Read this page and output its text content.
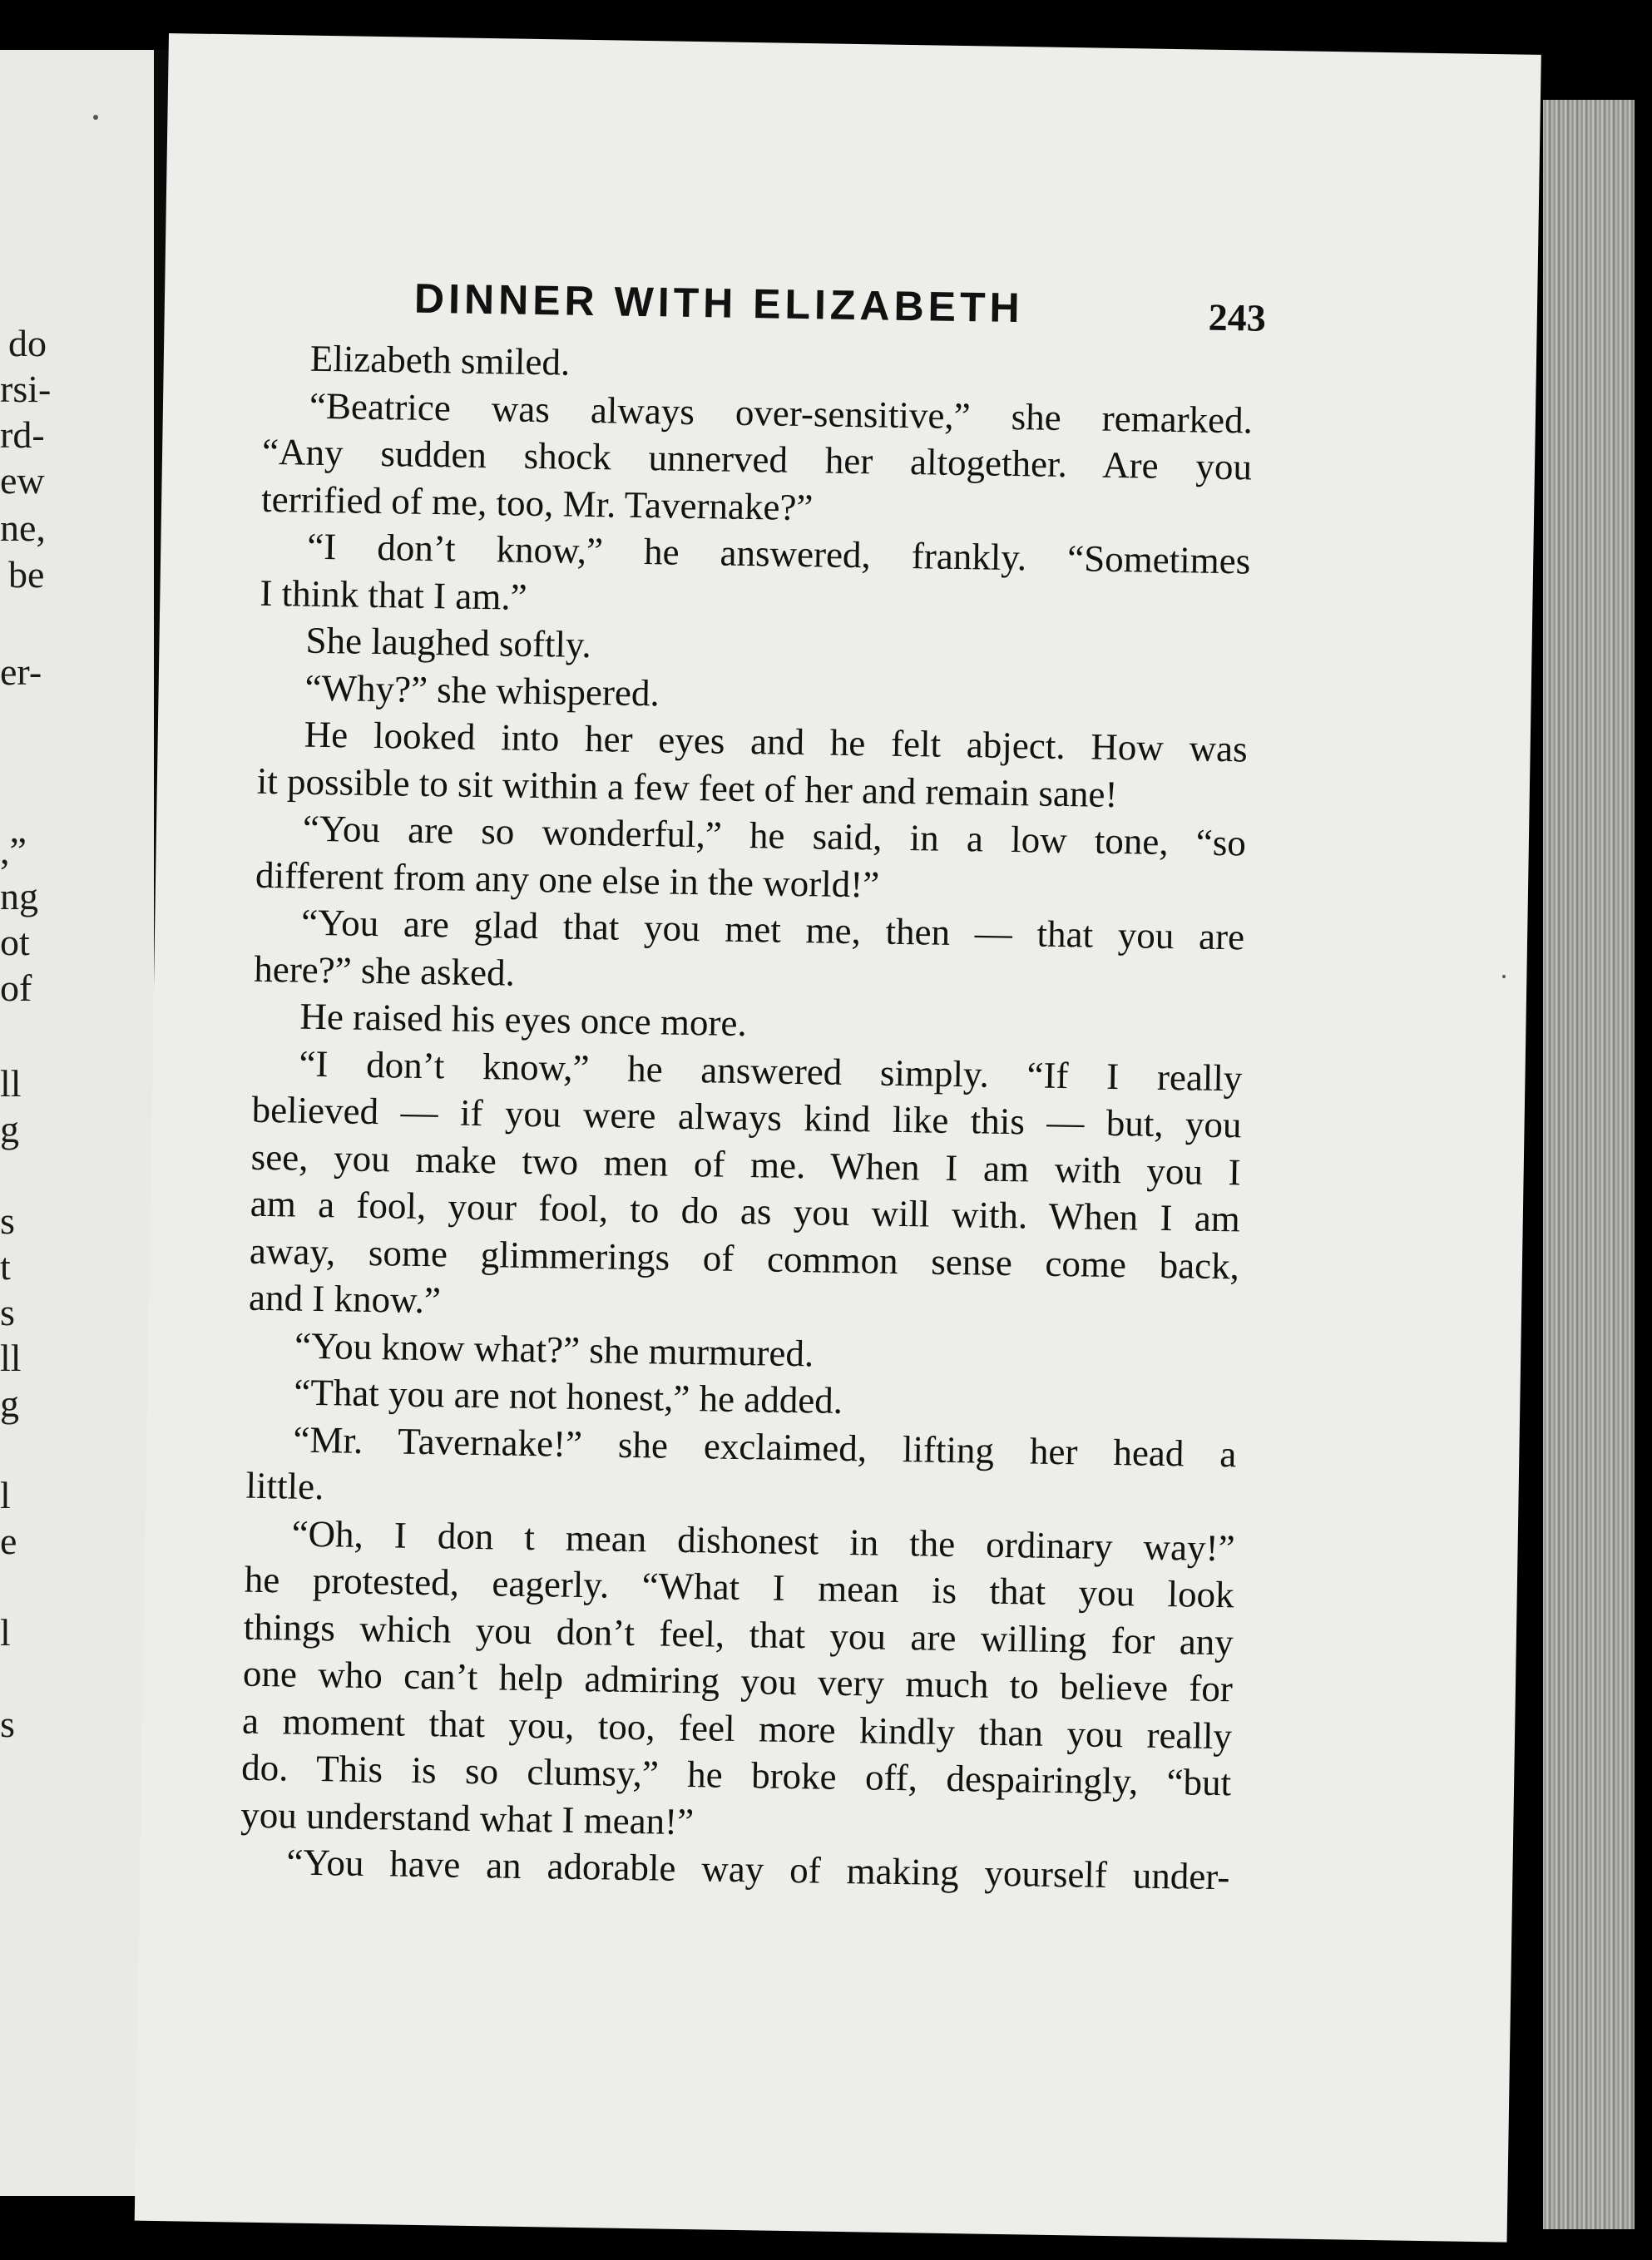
do
rsi-
rd-
ew
ne,
be
er-
,”
ng
ot
of
ll
g
s
t
s
ll
g
l
e
l
s
DINNER WITH ELIZABETH	243
Elizabeth smiled.
“Beatrice was always over-sensitive,” she remarked.
“Any sudden shock unnerved her altogether. Are you
terrified of me, too, Mr. Tavernake?”
“I don’t know,” he answered, frankly. “Sometimes
I think that I am.”
She laughed softly.
“Why?” she whispered.
He looked into her eyes and he felt abject. How was
it possible to sit within a few feet of her and remain sane!
“You are so wonderful,” he said, in a low tone, “so
different from any one else in the world!”
“You are glad that you met me, then — that you are
here?” she asked.
He raised his eyes once more.
“I don’t know,” he answered simply. “If I really
believed — if you were always kind like this — but, you
see, you make two men of me. When I am with you I
am a fool, your fool, to do as you will with. When I am
away, some glimmerings of common sense come back,
and I know.”
“You know what?” she murmured.
“That you are not honest,” he added.
“Mr. Tavernake!” she exclaimed, lifting her head a
little.
“Oh, I don t mean dishonest in the ordinary way!”
he protested, eagerly. “What I mean is that you look
things which you don’t feel, that you are willing for any
one who can’t help admiring you very much to believe for
a moment that you, too, feel more kindly than you really
do. This is so clumsy,” he broke off, despairingly, “but
you understand what I mean!”
“You have an adorable way of making yourself under-
